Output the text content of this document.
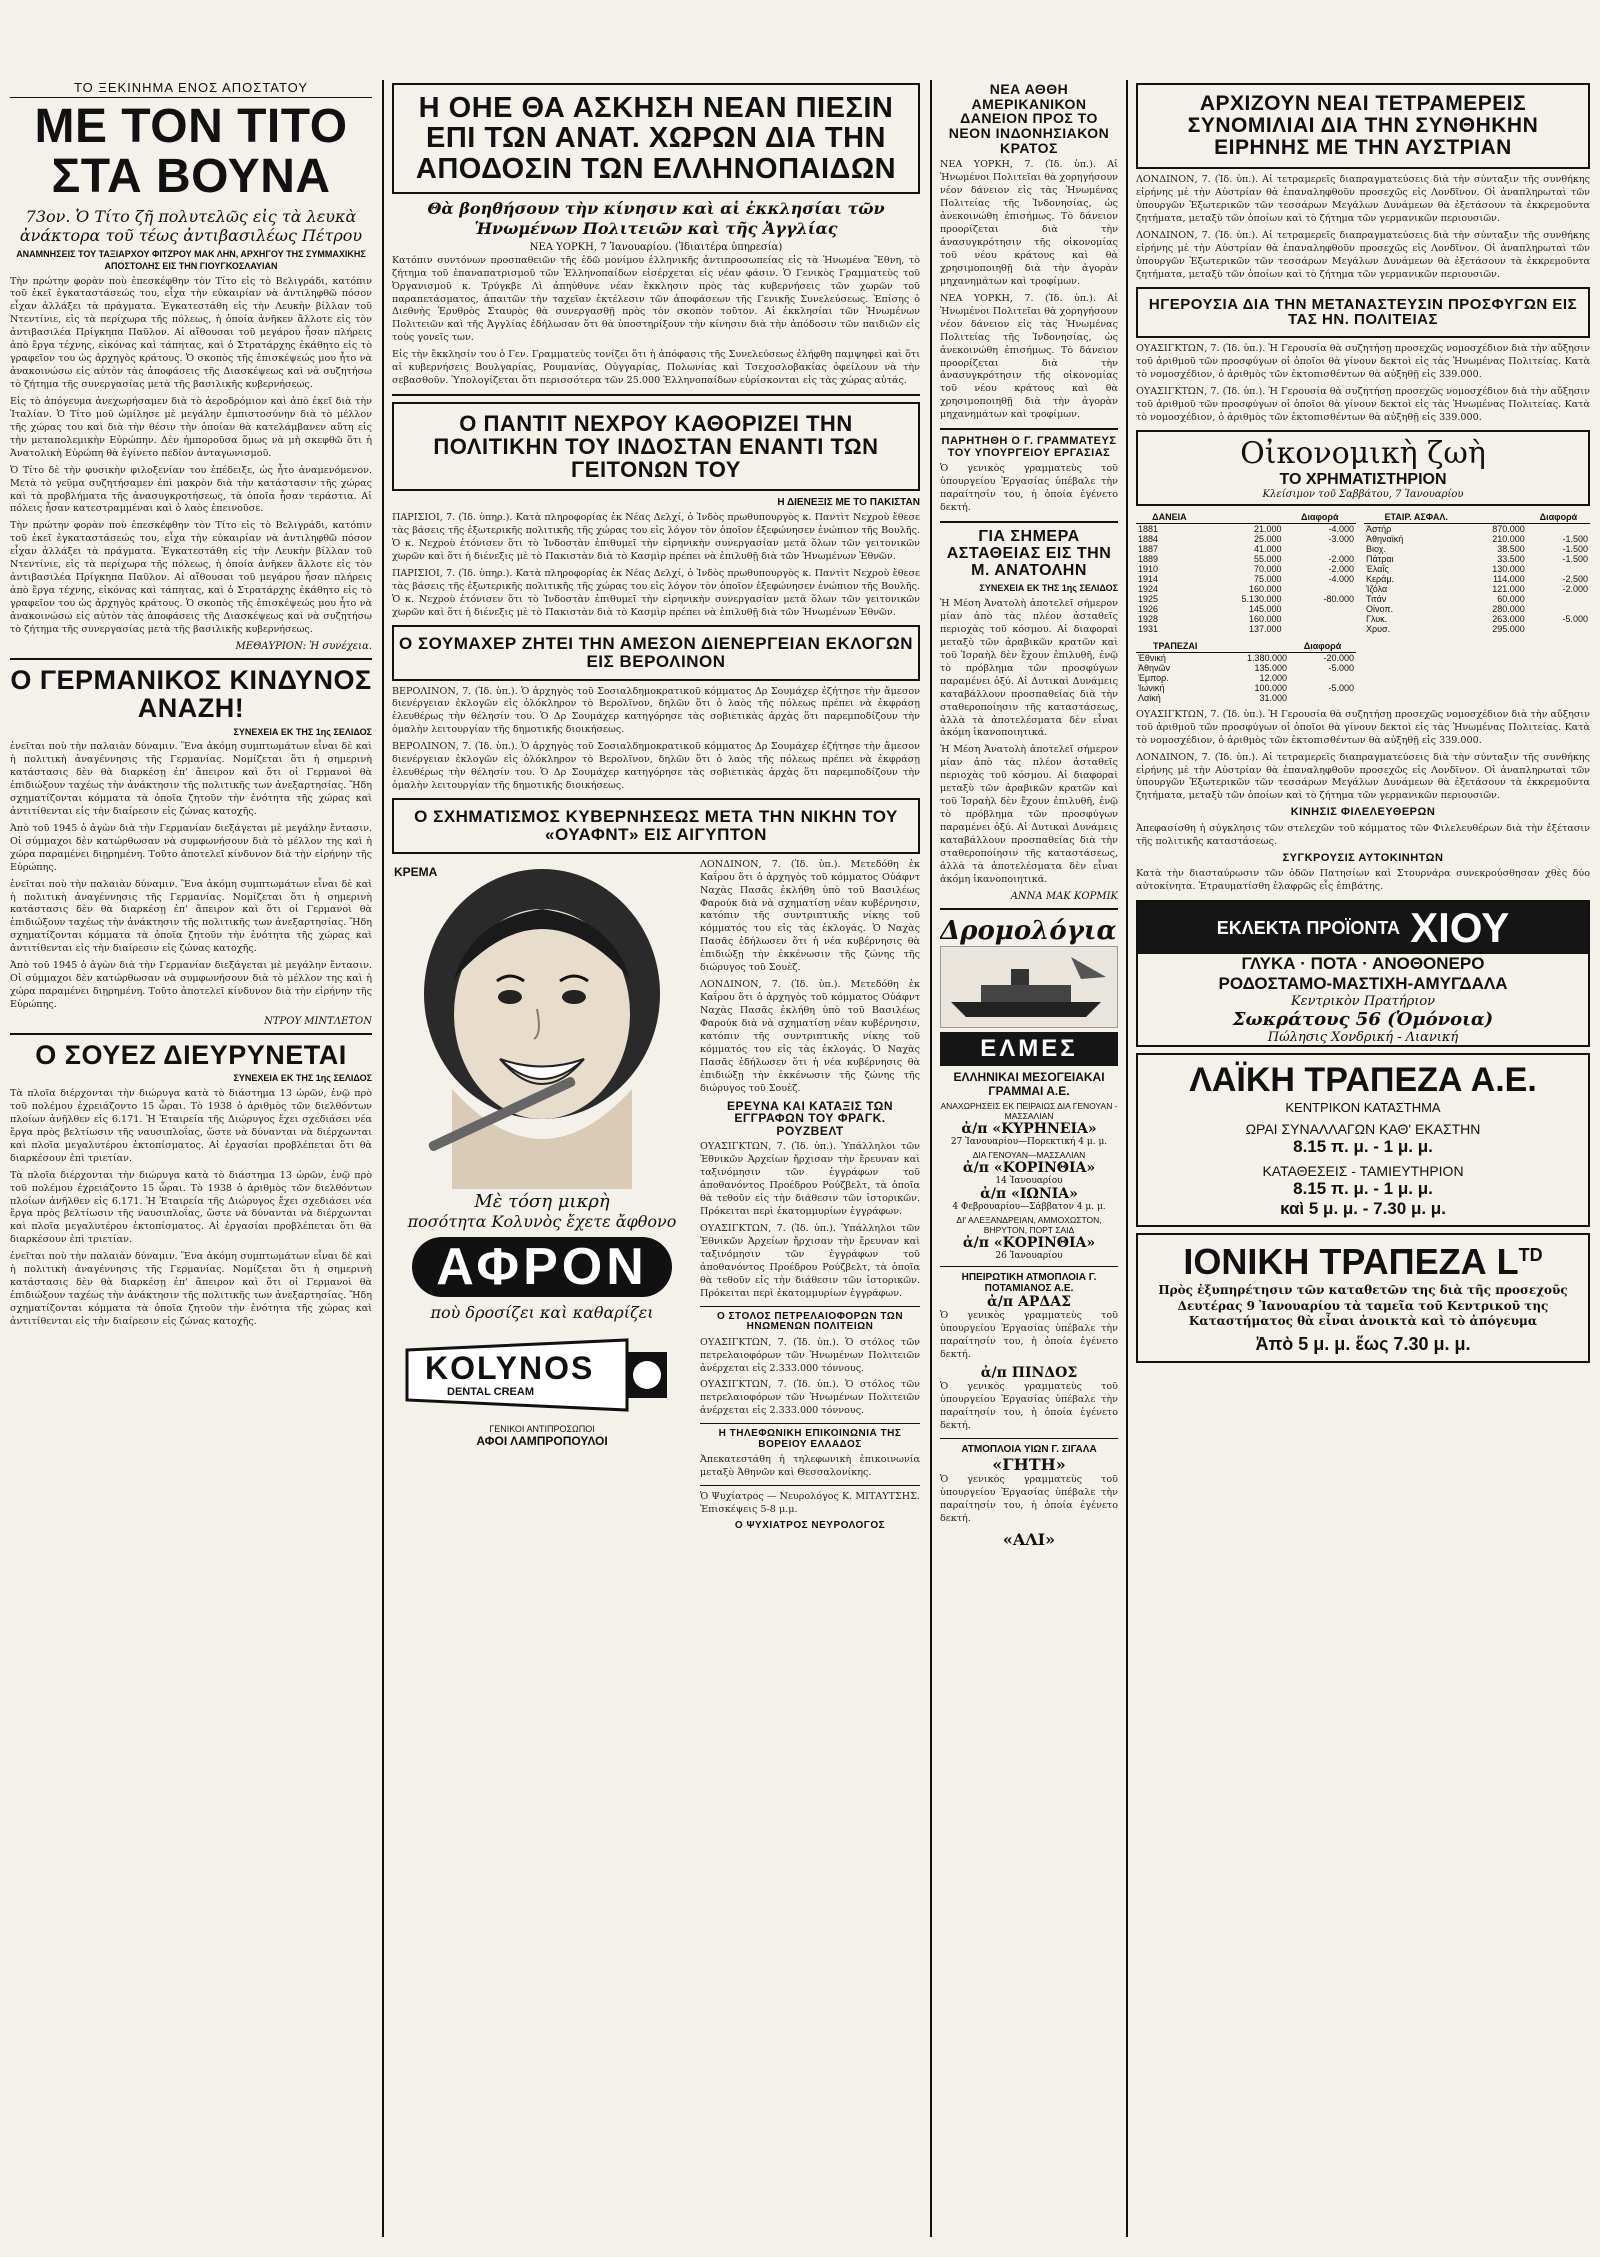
ΤΟ ΞΕΚΙΝΗΜΑ ΕΝΟΣ ΑΠΟΣΤΑΤΟΥ
ΜΕ ΤΟΝ ΤΙΤΟ ΣΤΑ ΒΟΥΝΑ
73ον. Ὁ Τίτο ζῆ πολυτελῶς εἰς τὰ λευκὰ ἀνάκτορα τοῦ τέως ἀντιβασιλέως Πέτρου
ΑΝΑΜΝΗΣΕΙΣ ΤΟΥ ΤΑΞΙΑΡΧΟΥ ΦΙΤΖΡΟΥ ΜΑΚ ΛΗΝ, ΑΡΧΗΓΟΥ ΤΗΣ ΣΥΜΜΑΧΙΚΗΣ ΑΠΟΣΤΟΛΗΣ ΕΙΣ ΤΗΝ ΓΙΟΥΓΚΟΣΛΑΥΙΑΝ

Τὴν πρώτην φορὰν ποὺ ἐπεσκέφθην τὸν Τίτο εἰς τὸ Βελιγράδι, κατόπιν τοῦ ἐκεῖ ἐγκαταστάσεώς του, εἶχα τὴν εὐκαιρίαν νὰ ἀντιληφθῶ πόσον εἶχαν ἀλλάξει τὰ πράγματα. Ἐγκατεστάθη εἰς τὴν Λευκὴν βίλλαν τοῦ Ντεντίνιε, εἰς τὰ περίχωρα τῆς πόλεως, ἡ ὁποία ἀνῆκεν ἄλλοτε εἰς τὸν ἀντιβασιλέα Πρίγκηπα Παῦλον. Αἱ αἴθουσαι τοῦ μεγάρου ἦσαν πλήρεις ἀπὸ ἔργα τέχνης, εἰκόνας καὶ τάπητας, καὶ ὁ Στρατάρχης ἐκάθητο εἰς τὸ γραφεῖον του ὡς ἀρχηγὸς κράτους. Ὁ σκοπὸς τῆς ἐπισκέψεώς μου ἦτο νὰ ἀνακοινώσω εἰς αὐτὸν τὰς ἀποφάσεις τῆς Διασκέψεως καὶ νὰ συζητήσω τὸ ζήτημα τῆς συνεργασίας μετὰ τῆς βασιλικῆς κυβερνήσεως.

Εἰς τὸ ἀπόγευμα ἀνεχωρήσαμεν διὰ τὸ ἀεροδρόμιον καὶ ἀπὸ ἐκεῖ διὰ τὴν Ἰταλίαν. Ὁ Τίτο μοῦ ὡμίλησε μὲ μεγάλην ἐμπιστοσύνην διὰ τὸ μέλλον τῆς χώρας του καὶ διὰ τὴν θέσιν τὴν ὁποίαν θὰ κατελάμβανεν αὕτη εἰς τὴν μεταπολεμικὴν Εὐρώπην. Δὲν ἠμποροῦσα ὅμως νὰ μὴ σκεφθῶ ὅτι ἡ Ἀνατολικὴ Εὐρώπη θὰ ἐγίνετο πεδίον ἀνταγωνισμοῦ.

Ὁ Τίτο δὲ τὴν φυσικὴν φιλοξενίαν του ἐπέδειξε, ὡς ἦτο ἀναμενόμενον. Μετὰ τὸ γεῦμα συζητήσαμεν ἐπὶ μακρὸν διὰ τὴν κατάστασιν τῆς χώρας καὶ τὰ προβλήματα τῆς ἀνασυγκροτήσεως, τὰ ὁποῖα ἦσαν τεράστια. Αἱ πόλεις ἦσαν κατεστραμμέναι καὶ ὁ λαὸς ἐπεινοῦσε.

Τὴν πρώτην φορὰν ποὺ ἐπεσκέφθην τὸν Τίτο εἰς τὸ Βελιγράδι, κατόπιν τοῦ ἐκεῖ ἐγκαταστάσεώς του, εἶχα τὴν εὐκαιρίαν νὰ ἀντιληφθῶ πόσον εἶχαν ἀλλάξει τὰ πράγματα. Ἐγκατεστάθη εἰς τὴν Λευκὴν βίλλαν τοῦ Ντεντίνιε, εἰς τὰ περίχωρα τῆς πόλεως, ἡ ὁποία ἀνῆκεν ἄλλοτε εἰς τὸν ἀντιβασιλέα Πρίγκηπα Παῦλον. Αἱ αἴθουσαι τοῦ μεγάρου ἦσαν πλήρεις ἀπὸ ἔργα τέχνης, εἰκόνας καὶ τάπητας, καὶ ὁ Στρατάρχης ἐκάθητο εἰς τὸ γραφεῖον του ὡς ἀρχηγὸς κράτους. Ὁ σκοπὸς τῆς ἐπισκέψεώς μου ἦτο νὰ ἀνακοινώσω εἰς αὐτὸν τὰς ἀποφάσεις τῆς Διασκέψεως καὶ νὰ συζητήσω τὸ ζήτημα τῆς συνεργασίας μετὰ τῆς βασιλικῆς κυβερνήσεως.

ΜΕΘΑΥΡΙΟΝ: Ἡ συνέχεια.
Ο ΓΕΡΜΑΝΙΚΟΣ ΚΙΝΔΥΝΟΣ ΑΝΑΖΗ!
ΣΥΝΕΧΕΙΑ ΕΚ ΤΗΣ 1ης ΣΕΛΙΔΟΣ

ἐνεῖται ποὺ τὴν παλαιὰν δύναμιν. Ἕνα ἀκόμη συμπτωμάτων εἶναι δὲ καὶ ἡ πολιτικὴ ἀναγέννησις τῆς Γερμανίας. Νομίζεται ὅτι ἡ σημερινὴ κατάστασις δὲν θὰ διαρκέσῃ ἐπ' ἄπειρον καὶ ὅτι οἱ Γερμανοὶ θὰ ἐπιδιώξουν ταχέως τὴν ἀνάκτησιν τῆς πολιτικῆς των ἀνεξαρτησίας. Ἤδη σχηματίζονται κόμματα τὰ ὁποῖα ζητοῦν τὴν ἑνότητα τῆς χώρας καὶ ἀντιτίθενται εἰς τὴν διαίρεσιν εἰς ζώνας κατοχῆς.

Ἀπὸ τοῦ 1945 ὁ ἀγὼν διὰ τὴν Γερμανίαν διεξάγεται μὲ μεγάλην ἔντασιν. Οἱ σύμμαχοι δὲν κατώρθωσαν νὰ συμφωνήσουν διὰ τὸ μέλλον της καὶ ἡ χώρα παραμένει διῃρημένη. Τοῦτο ἀποτελεῖ κίνδυνον διὰ τὴν εἰρήνην τῆς Εὐρώπης.

ἐνεῖται ποὺ τὴν παλαιὰν δύναμιν. Ἕνα ἀκόμη συμπτωμάτων εἶναι δὲ καὶ ἡ πολιτικὴ ἀναγέννησις τῆς Γερμανίας. Νομίζεται ὅτι ἡ σημερινὴ κατάστασις δὲν θὰ διαρκέσῃ ἐπ' ἄπειρον καὶ ὅτι οἱ Γερμανοὶ θὰ ἐπιδιώξουν ταχέως τὴν ἀνάκτησιν τῆς πολιτικῆς των ἀνεξαρτησίας. Ἤδη σχηματίζονται κόμματα τὰ ὁποῖα ζητοῦν τὴν ἑνότητα τῆς χώρας καὶ ἀντιτίθενται εἰς τὴν διαίρεσιν εἰς ζώνας κατοχῆς.

Ἀπὸ τοῦ 1945 ὁ ἀγὼν διὰ τὴν Γερμανίαν διεξάγεται μὲ μεγάλην ἔντασιν. Οἱ σύμμαχοι δὲν κατώρθωσαν νὰ συμφωνήσουν διὰ τὸ μέλλον της καὶ ἡ χώρα παραμένει διῃρημένη. Τοῦτο ἀποτελεῖ κίνδυνον διὰ τὴν εἰρήνην τῆς Εὐρώπης.

ΝΤΡΟΥ ΜΙΝΤΛΕΤΟΝ
Ο ΣΟΥΕΖ ΔΙΕΥΡΥΝΕΤΑΙ
ΣΥΝΕΧΕΙΑ ΕΚ ΤΗΣ 1ης ΣΕΛΙΔΟΣ

Τὰ πλοῖα διέρχονται τὴν διώρυγα κατὰ τὸ διάστημα 13 ὡρῶν, ἐνῷ πρὸ τοῦ πολέμου ἐχρειάζοντο 15 ὧραι. Τὸ 1938 ὁ ἀριθμὸς τῶν διελθόντων πλοίων ἀνῆλθεν εἰς 6.171. Ἡ Ἑταιρεία τῆς Διώρυγος ἔχει σχεδιάσει νέα ἔργα πρὸς βελτίωσιν τῆς ναυσιπλοΐας, ὥστε νὰ δύνανται νὰ διέρχωνται καὶ πλοῖα μεγαλυτέρου ἐκτοπίσματος. Αἱ ἐργασίαι προβλέπεται ὅτι θὰ διαρκέσουν ἐπὶ τριετίαν.

Τὰ πλοῖα διέρχονται τὴν διώρυγα κατὰ τὸ διάστημα 13 ὡρῶν, ἐνῷ πρὸ τοῦ πολέμου ἐχρειάζοντο 15 ὧραι. Τὸ 1938 ὁ ἀριθμὸς τῶν διελθόντων πλοίων ἀνῆλθεν εἰς 6.171. Ἡ Ἑταιρεία τῆς Διώρυγος ἔχει σχεδιάσει νέα ἔργα πρὸς βελτίωσιν τῆς ναυσιπλοΐας, ὥστε νὰ δύνανται νὰ διέρχωνται καὶ πλοῖα μεγαλυτέρου ἐκτοπίσματος. Αἱ ἐργασίαι προβλέπεται ὅτι θὰ διαρκέσουν ἐπὶ τριετίαν.

ἐνεῖται ποὺ τὴν παλαιὰν δύναμιν. Ἕνα ἀκόμη συμπτωμάτων εἶναι δὲ καὶ ἡ πολιτικὴ ἀναγέννησις τῆς Γερμανίας. Νομίζεται ὅτι ἡ σημερινὴ κατάστασις δὲν θὰ διαρκέσῃ ἐπ' ἄπειρον καὶ ὅτι οἱ Γερμανοὶ θὰ ἐπιδιώξουν ταχέως τὴν ἀνάκτησιν τῆς πολιτικῆς των ἀνεξαρτησίας. Ἤδη σχηματίζονται κόμματα τὰ ὁποῖα ζητοῦν τὴν ἑνότητα τῆς χώρας καὶ ἀντιτίθενται εἰς τὴν διαίρεσιν εἰς ζώνας κατοχῆς.

Η ΟΗΕ ΘΑ ΑΣΚΗΣΗ ΝΕΑΝ ΠΙΕΣΙΝ ΕΠΙ ΤΩΝ ΑΝΑΤ. ΧΩΡΩΝ ΔΙΑ ΤΗΝ ΑΠΟΔΟΣΙΝ ΤΩΝ ΕΛΛΗΝΟΠΑΙΔΩΝ
Θὰ βοηθήσουν τὴν κίνησιν καὶ αἱ ἐκκλησίαι τῶν Ἡνωμένων Πολιτειῶν καὶ τῆς Ἀγγλίας
ΝΕΑ ΥΟΡΚΗ, 7 Ἰανουαρίου. (Ἰδιαιτέρα ὑπηρεσία)

Κατόπιν συντόνων προσπαθειῶν τῆς ἑδῶ μονίμου ἑλληνικῆς ἀντιπροσωπείας εἰς τὰ Ἡνωμένα Ἔθνη, τὸ ζήτημα τοῦ ἐπαναπατρισμοῦ τῶν Ἑλληνοπαίδων εἰσέρχεται εἰς νέαν φάσιν. Ὁ Γενικὸς Γραμματεὺς τοῦ Ὀργανισμοῦ κ. Τρύγκβε Λὶ ἀπηύθυνε νέαν ἔκκλησιν πρὸς τὰς κυβερνήσεις τῶν χωρῶν τοῦ παραπετάσματος, ἀπαιτῶν τὴν ταχεῖαν ἐκτέλεσιν τῶν ἀποφάσεων τῆς Γενικῆς Συνελεύσεως. Ἐπίσης ὁ Διεθνὴς Ἐρυθρὸς Σταυρὸς θὰ συνεργασθῇ πρὸς τὸν σκοπὸν τοῦτον. Αἱ ἐκκλησίαι τῶν Ἡνωμένων Πολιτειῶν καὶ τῆς Ἀγγλίας ἐδήλωσαν ὅτι θὰ ὑποστηρίξουν τὴν κίνησιν διὰ τὴν ἀπόδοσιν τῶν παιδιῶν εἰς τοὺς γονεῖς των.

Εἰς τὴν ἔκκλησίν του ὁ Γεν. Γραμματεὺς τονίζει ὅτι ἡ ἀπόφασις τῆς Συνελεύσεως ἐλήφθη παμψηφεὶ καὶ ὅτι αἱ κυβερνήσεις Βουλγαρίας, Ρουμανίας, Οὑγγαρίας, Πολωνίας καὶ Τσεχοσλοβακίας ὀφείλουν νὰ τὴν σεβασθοῦν. Ὑπολογίζεται ὅτι περισσότερα τῶν 25.000 Ἑλληνοπαίδων εὑρίσκονται εἰς τὰς χώρας αὐτάς.

Ο ΠΑΝΤΙΤ ΝΕΧΡΟΥ ΚΑΘΟΡΙΖΕΙ ΤΗΝ ΠΟΛΙΤΙΚΗΝ ΤΟΥ ΙΝΔΟΣΤΑΝ ΕΝΑΝΤΙ ΤΩΝ ΓΕΙΤΟΝΩΝ ΤΟΥ
Η ΔΙΕΝΕΞΙΣ ΜΕ ΤΟ ΠΑΚΙΣΤΑΝ

ΠΑΡΙΣΙΟΙ, 7. (Ἰδ. ὑπηρ.). Κατὰ πληροφορίας ἐκ Νέας Δελχί, ὁ Ἰνδὸς πρωθυπουργὸς κ. Παντὶτ Νεχροὺ ἔθεσε τὰς βάσεις τῆς ἐξωτερικῆς πολιτικῆς τῆς χώρας του εἰς λόγον τὸν ὁποῖον ἐξεφώνησεν ἐνώπιον τῆς Βουλῆς. Ὁ κ. Νεχροὺ ἐτόνισεν ὅτι τὸ Ἰνδοστὰν ἐπιθυμεῖ τὴν εἰρηνικὴν συνεργασίαν μετὰ ὅλων τῶν γειτονικῶν χωρῶν καὶ ὅτι ἡ διένεξις μὲ τὸ Πακιστὰν διὰ τὸ Κασμὶρ πρέπει νὰ ἐπιλυθῇ διὰ τῶν Ἡνωμένων Ἐθνῶν.

ΠΑΡΙΣΙΟΙ, 7. (Ἰδ. ὑπηρ.). Κατὰ πληροφορίας ἐκ Νέας Δελχί, ὁ Ἰνδὸς πρωθυπουργὸς κ. Παντὶτ Νεχροὺ ἔθεσε τὰς βάσεις τῆς ἐξωτερικῆς πολιτικῆς τῆς χώρας του εἰς λόγον τὸν ὁποῖον ἐξεφώνησεν ἐνώπιον τῆς Βουλῆς. Ὁ κ. Νεχροὺ ἐτόνισεν ὅτι τὸ Ἰνδοστὰν ἐπιθυμεῖ τὴν εἰρηνικὴν συνεργασίαν μετὰ ὅλων τῶν γειτονικῶν χωρῶν καὶ ὅτι ἡ διένεξις μὲ τὸ Πακιστὰν διὰ τὸ Κασμὶρ πρέπει νὰ ἐπιλυθῇ διὰ τῶν Ἡνωμένων Ἐθνῶν.

Ο ΣΟΥΜΑΧΕΡ ΖΗΤΕΙ ΤΗΝ ΑΜΕΣΟΝ ΔΙΕΝΕΡΓΕΙΑΝ ΕΚΛΟΓΩΝ ΕΙΣ ΒΕΡΟΛΙΝΟΝ

ΒΕΡΟΛΙΝΟΝ, 7. (Ἰδ. ὑπ.). Ὁ ἀρχηγὸς τοῦ Σοσιαλδημοκρατικοῦ κόμματος Δρ Σουμάχερ ἐζήτησε τὴν ἄμεσον διενέργειαν ἐκλογῶν εἰς ὁλόκληρον τὸ Βερολῖνον, δηλῶν ὅτι ὁ λαὸς τῆς πόλεως πρέπει νὰ ἐκφράσῃ ἐλευθέρως τὴν θέλησίν του. Ὁ Δρ Σουμάχερ κατηγόρησε τὰς σοβιετικὰς ἀρχὰς ὅτι παρεμποδίζουν τὴν ὁμαλὴν λειτουργίαν τῆς δημοτικῆς διοικήσεως.

ΒΕΡΟΛΙΝΟΝ, 7. (Ἰδ. ὑπ.). Ὁ ἀρχηγὸς τοῦ Σοσιαλδημοκρατικοῦ κόμματος Δρ Σουμάχερ ἐζήτησε τὴν ἄμεσον διενέργειαν ἐκλογῶν εἰς ὁλόκληρον τὸ Βερολῖνον, δηλῶν ὅτι ὁ λαὸς τῆς πόλεως πρέπει νὰ ἐκφράσῃ ἐλευθέρως τὴν θέλησίν του. Ὁ Δρ Σουμάχερ κατηγόρησε τὰς σοβιετικὰς ἀρχὰς ὅτι παρεμποδίζουν τὴν ὁμαλὴν λειτουργίαν τῆς δημοτικῆς διοικήσεως.

Ο ΣΧΗΜΑΤΙΣΜΟΣ ΚΥΒΕΡΝΗΣΕΩΣ ΜΕΤΑ ΤΗΝ ΝΙΚΗΝ ΤΟΥ «ΟΥΑΦΝΤ» ΕΙΣ ΑΙΓΥΠΤΟΝ
ΚΡΕΜΑ
Μὲ τόση μικρὴ
ποσότητα Κολυνὸς ἔχετε ἄφθονο
ΑΦΡΟΝ
ποὺ δροσίζει καὶ καθαρίζει
KOLYNOS
DENTAL CREAM
ΓΕΝΙΚΟΙ ΑΝΤΙΠΡΟΣΩΠΟΙ
ΑΦΟΙ ΛΑΜΠΡΟΠΟΥΛΟΙ

ΛΟΝΔΙΝΟΝ, 7. (Ἰδ. ὑπ.). Μετεδόθη ἐκ Καΐρου ὅτι ὁ ἀρχηγὸς τοῦ κόμματος Οὐάφντ Ναχὰς Πασᾶς ἐκλήθη ὑπὸ τοῦ Βασιλέως Φαρούκ διὰ νὰ σχηματίσῃ νέαν κυβέρνησιν, κατόπιν τῆς συντριπτικῆς νίκης τοῦ κόμματός του εἰς τὰς ἐκλογάς. Ὁ Ναχὰς Πασᾶς ἐδήλωσεν ὅτι ἡ νέα κυβέρνησις θὰ ἐπιδιώξῃ τὴν ἐκκένωσιν τῆς ζώνης τῆς διώρυγος τοῦ Σουὲζ.

ΛΟΝΔΙΝΟΝ, 7. (Ἰδ. ὑπ.). Μετεδόθη ἐκ Καΐρου ὅτι ὁ ἀρχηγὸς τοῦ κόμματος Οὐάφντ Ναχὰς Πασᾶς ἐκλήθη ὑπὸ τοῦ Βασιλέως Φαρούκ διὰ νὰ σχηματίσῃ νέαν κυβέρνησιν, κατόπιν τῆς συντριπτικῆς νίκης τοῦ κόμματός του εἰς τὰς ἐκλογάς. Ὁ Ναχὰς Πασᾶς ἐδήλωσεν ὅτι ἡ νέα κυβέρνησις θὰ ἐπιδιώξῃ τὴν ἐκκένωσιν τῆς ζώνης τῆς διώρυγος τοῦ Σουὲζ.

ΕΡΕΥΝΑ ΚΑΙ ΚΑΤΑΞΙΣ ΤΩΝ ΕΓΓΡΑΦΩΝ ΤΟΥ ΦΡΑΓΚ. ΡΟΥΖΒΕΛΤ

ΟΥΑΣΙΓΚΤΩΝ, 7. (Ἰδ. ὑπ.). Ὑπάλληλοι τῶν Ἐθνικῶν Ἀρχείων ἤρχισαν τὴν ἔρευναν καὶ ταξινόμησιν τῶν ἐγγράφων τοῦ ἀποθανόντος Προέδρου Ρούζβελτ, τὰ ὁποῖα θὰ τεθοῦν εἰς τὴν διάθεσιν τῶν ἱστορικῶν. Πρόκειται περὶ ἑκατομμυρίων ἐγγράφων.

ΟΥΑΣΙΓΚΤΩΝ, 7. (Ἰδ. ὑπ.). Ὑπάλληλοι τῶν Ἐθνικῶν Ἀρχείων ἤρχισαν τὴν ἔρευναν καὶ ταξινόμησιν τῶν ἐγγράφων τοῦ ἀποθανόντος Προέδρου Ρούζβελτ, τὰ ὁποῖα θὰ τεθοῦν εἰς τὴν διάθεσιν τῶν ἱστορικῶν. Πρόκειται περὶ ἑκατομμυρίων ἐγγράφων.

Ο ΣΤΟΛΟΣ ΠΕΤΡΕΛΑΙΟΦΟΡΩΝ ΤΩΝ ΗΝΩΜΕΝΩΝ ΠΟΛΙΤΕΙΩΝ

ΟΥΑΣΙΓΚΤΩΝ, 7. (Ἰδ. ὑπ.). Ὁ στόλος τῶν πετρελαιοφόρων τῶν Ἡνωμένων Πολιτειῶν ἀνέρχεται εἰς 2.333.000 τόννους.

ΟΥΑΣΙΓΚΤΩΝ, 7. (Ἰδ. ὑπ.). Ὁ στόλος τῶν πετρελαιοφόρων τῶν Ἡνωμένων Πολιτειῶν ἀνέρχεται εἰς 2.333.000 τόννους.

Η ΤΗΛΕΦΩΝΙΚΗ ΕΠΙΚΟΙΝΩΝΙΑ ΤΗΣ ΒΟΡΕΙΟΥ ΕΛΛΑΔΟΣ

Ἀπεκατεστάθη ἡ τηλεφωνικὴ ἐπικοινωνία μεταξὺ Ἀθηνῶν καὶ Θεσσαλονίκης.

Ὁ Ψυχίατρος — Νευρολόγος Κ. ΜΙΤΑΥΤΣΗΣ. Ἐπισκέψεις 5-8 μ.μ.

Ο ΨΥΧΙΑΤΡΟΣ ΝΕΥΡΟΛΟΓΟΣ
ΝΕΑ ΑΘΘΗ ΑΜΕΡΙΚΑΝΙΚΟΝ ΔΑΝΕΙΟΝ ΠΡΟΣ ΤΟ ΝΕΟΝ ΙΝΔΟΝΗΣΙΑΚΟΝ ΚΡΑΤΟΣ

ΝΕΑ ΥΟΡΚΗ, 7. (Ἰδ. ὑπ.). Αἱ Ἡνωμένοι Πολιτεῖαι θὰ χορηγήσουν νέον δάνειον εἰς τὰς Ἡνωμένας Πολιτείας τῆς Ἰνδονησίας, ὡς ἀνεκοινώθη ἐπισήμως. Τὸ δάνειον προορίζεται διὰ τὴν ἀνασυγκρότησιν τῆς οἰκονομίας τοῦ νέου κράτους καὶ θὰ χρησιμοποιηθῇ διὰ τὴν ἀγορὰν μηχανημάτων καὶ τροφίμων.

ΝΕΑ ΥΟΡΚΗ, 7. (Ἰδ. ὑπ.). Αἱ Ἡνωμένοι Πολιτεῖαι θὰ χορηγήσουν νέον δάνειον εἰς τὰς Ἡνωμένας Πολιτείας τῆς Ἰνδονησίας, ὡς ἀνεκοινώθη ἐπισήμως. Τὸ δάνειον προορίζεται διὰ τὴν ἀνασυγκρότησιν τῆς οἰκονομίας τοῦ νέου κράτους καὶ θὰ χρησιμοποιηθῇ διὰ τὴν ἀγορὰν μηχανημάτων καὶ τροφίμων.

ΠΑΡΗΤΗΘΗ Ο Γ. ΓΡΑΜΜΑΤΕΥΣ ΤΟΥ ΥΠΟΥΡΓΕΙΟΥ ΕΡΓΑΣΙΑΣ

Ὁ γενικὸς γραμματεὺς τοῦ ὑπουργείου Ἐργασίας ὑπέβαλε τὴν παραίτησίν του, ἡ ὁποία ἐγένετο δεκτή.

ΓΙΑ ΣΗΜΕΡΑ ΑΣΤΑΘΕΙΑΣ ΕΙΣ ΤΗΝ Μ. ΑΝΑΤΟΛΗΝ
ΣΥΝΕΧΕΙΑ ΕΚ ΤΗΣ 1ης ΣΕΛΙΔΟΣ

Ἡ Μέση Ἀνατολὴ ἀποτελεῖ σήμερον μίαν ἀπὸ τὰς πλέον ἀσταθεῖς περιοχὰς τοῦ κόσμου. Αἱ διαφοραὶ μεταξὺ τῶν ἀραβικῶν κρατῶν καὶ τοῦ Ἰσραὴλ δὲν ἔχουν ἐπιλυθῆ, ἐνῷ τὸ πρόβλημα τῶν προσφύγων παραμένει ὀξύ. Αἱ Δυτικαὶ Δυνάμεις καταβάλλουν προσπαθείας διὰ τὴν σταθεροποίησιν τῆς καταστάσεως, ἀλλὰ τὰ ἀποτελέσματα δὲν εἶναι ἀκόμη ἱκανοποιητικά.

Ἡ Μέση Ἀνατολὴ ἀποτελεῖ σήμερον μίαν ἀπὸ τὰς πλέον ἀσταθεῖς περιοχὰς τοῦ κόσμου. Αἱ διαφοραὶ μεταξὺ τῶν ἀραβικῶν κρατῶν καὶ τοῦ Ἰσραὴλ δὲν ἔχουν ἐπιλυθῆ, ἐνῷ τὸ πρόβλημα τῶν προσφύγων παραμένει ὀξύ. Αἱ Δυτικαὶ Δυνάμεις καταβάλλουν προσπαθείας διὰ τὴν σταθεροποίησιν τῆς καταστάσεως, ἀλλὰ τὰ ἀποτελέσματα δὲν εἶναι ἀκόμη ἱκανοποιητικά.

ΑΝΝΑ ΜΑΚ ΚΟΡΜΙΚ
Δρομολόγια
ΕΛΜΕΣ
ΕΛΛΗΝΙΚΑΙ ΜΕΣΟΓΕΙΑΚΑΙ ΓΡΑΜΜΑΙ Α.Ε.
ΑΝΑΧΩΡΗΣΕΙΣ ΕΚ ΠΕΙΡΑΙΩΣ ΔΙΑ ΓΕΝΟΥΑΝ - ΜΑΣΣΑΛΙΑΝ
ἀ/π «ΚΥΡΗΝΕΙΑ»
27 Ἰανουαρίου—Πορεκτική 4 μ. μ.
ΔΙΑ ΓΕΝΟΥΑΝ—ΜΑΣΣΑΛΙΑΝ
ἀ/π «ΚΟΡΙΝΘΙΑ»
14 Ἰανουαρίου
ἀ/π «ΙΩΝΙΑ»
4 Φεβρουαρίου—Σάββατον 4 μ. μ.
ΔΙ' ΑΛΕΞΑΝΔΡΕΙΑΝ, ΑΜΜΟΧΩΣΤΟΝ, ΒΗΡΥΤΟΝ, ΠΟΡΤ ΣΑΙΔ
ἀ/π «ΚΟΡΙΝΘΙΑ»
26 Ἰανουαρίου
ΗΠΕΙΡΩΤΙΚΗ ΑΤΜΟΠΛΟΙΑ Γ. ΠΟΤΑΜΙΑΝΟΣ Α.Ε.
ἀ/π ΑΡΔΑΣ

Ὁ γενικὸς γραμματεὺς τοῦ ὑπουργείου Ἐργασίας ὑπέβαλε τὴν παραίτησίν του, ἡ ὁποία ἐγένετο δεκτή.

ἀ/π ΠΙΝΔΟΣ

Ὁ γενικὸς γραμματεὺς τοῦ ὑπουργείου Ἐργασίας ὑπέβαλε τὴν παραίτησίν του, ἡ ὁποία ἐγένετο δεκτή.

ΑΤΜΟΠΛΟΙΑ ΥΙΩΝ Γ. ΣΙΓΑΛΑ
«ΓΗΤΗ»

Ὁ γενικὸς γραμματεὺς τοῦ ὑπουργείου Ἐργασίας ὑπέβαλε τὴν παραίτησίν του, ἡ ὁποία ἐγένετο δεκτή.

«ΑΛΙ»
ΑΡΧΙΖΟΥΝ ΝΕΑΙ ΤΕΤΡΑΜΕΡΕΙΣ ΣΥΝΟΜΙΛΙΑΙ ΔΙΑ ΤΗΝ ΣΥΝΘΗΚΗΝ ΕΙΡΗΝΗΣ ΜΕ ΤΗΝ ΑΥΣΤΡΙΑΝ

ΛΟΝΔΙΝΟΝ, 7. (Ἰδ. ὑπ.). Αἱ τετραμερεῖς διαπραγματεύσεις διὰ τὴν σύνταξιν τῆς συνθήκης εἰρήνης μὲ τὴν Αὐστρίαν θὰ ἐπαναληφθοῦν προσεχῶς εἰς Λονδῖνον. Οἱ ἀναπληρωταὶ τῶν ὑπουργῶν Ἐξωτερικῶν τῶν τεσσάρων Μεγάλων Δυνάμεων θὰ ἐξετάσουν τὰ ἐκκρεμοῦντα ζητήματα, μεταξὺ τῶν ὁποίων καὶ τὸ ζήτημα τῶν γερμανικῶν περιουσιῶν.

ΛΟΝΔΙΝΟΝ, 7. (Ἰδ. ὑπ.). Αἱ τετραμερεῖς διαπραγματεύσεις διὰ τὴν σύνταξιν τῆς συνθήκης εἰρήνης μὲ τὴν Αὐστρίαν θὰ ἐπαναληφθοῦν προσεχῶς εἰς Λονδῖνον. Οἱ ἀναπληρωταὶ τῶν ὑπουργῶν Ἐξωτερικῶν τῶν τεσσάρων Μεγάλων Δυνάμεων θὰ ἐξετάσουν τὰ ἐκκρεμοῦντα ζητήματα, μεταξὺ τῶν ὁποίων καὶ τὸ ζήτημα τῶν γερμανικῶν περιουσιῶν.

ΗΓΕΡΟΥΣΙΑ ΔΙΑ ΤΗΝ ΜΕΤΑΝΑΣΤΕΥΣΙΝ ΠΡΟΣΦΥΓΩΝ ΕΙΣ ΤΑΣ ΗΝ. ΠΟΛΙΤΕΙΑΣ

ΟΥΑΣΙΓΚΤΩΝ, 7. (Ἰδ. ὑπ.). Ἡ Γερουσία θὰ συζητήσῃ προσεχῶς νομοσχέδιον διὰ τὴν αὔξησιν τοῦ ἀριθμοῦ τῶν προσφύγων οἱ ὁποῖοι θὰ γίνουν δεκτοὶ εἰς τὰς Ἡνωμένας Πολιτείας. Κατὰ τὸ νομοσχέδιον, ὁ ἀριθμὸς τῶν ἐκτοπισθέντων θὰ αὐξηθῇ εἰς 339.000.

ΟΥΑΣΙΓΚΤΩΝ, 7. (Ἰδ. ὑπ.). Ἡ Γερουσία θὰ συζητήσῃ προσεχῶς νομοσχέδιον διὰ τὴν αὔξησιν τοῦ ἀριθμοῦ τῶν προσφύγων οἱ ὁποῖοι θὰ γίνουν δεκτοὶ εἰς τὰς Ἡνωμένας Πολιτείας. Κατὰ τὸ νομοσχέδιον, ὁ ἀριθμὸς τῶν ἐκτοπισθέντων θὰ αὐξηθῇ εἰς 339.000.

Οἰκονομικὴ ζωὴ
ΤΟ ΧΡΗΜΑΤΙΣΤΗΡΙΟΝ
Κλείσιμον τοῦ Σαββάτου, 7 Ἰανουαρίου
ΔΑΝΕΙΑ		Διαφορά
1881	21.000	-4.000
1884	25.000	-3.000
1887	41.000	
1889	55.000	-2.000
1910	70.000	-2.000
1914	75.000	-4.000
1924	160.000	
1925	5.130.000	-80.000
1926	145.000	
1928	160.000	
1931	137.000	
ΤΡΑΠΕΖΑΙ		Διαφορά
Ἐθνική	1.380.000	-20.000
Ἀθηνῶν	135.000	-5.000
Ἐμπορ.	12.000	
Ἰωνική	100.000	-5.000
Λαϊκή	31.000	
ΕΤΑΙΡ. ΑΣΦΑΛ.		Διαφορά
Ἀστήρ	870.000	
Ἀθηναϊκή	210.000	-1.500
Βιοχ.	38.500	-1.500
Πάτραι	33.500	-1.500
Ἐλαΐς	130.000	
Κεράμ.	114.000	-2.500
Ἰζόλα	121.000	-2.000
Τιτάν	60.000	
Οἰνοπ.	280.000	
Γλυκ.	263.000	-5.000
Χρυσ.	295.000	

ΟΥΑΣΙΓΚΤΩΝ, 7. (Ἰδ. ὑπ.). Ἡ Γερουσία θὰ συζητήσῃ προσεχῶς νομοσχέδιον διὰ τὴν αὔξησιν τοῦ ἀριθμοῦ τῶν προσφύγων οἱ ὁποῖοι θὰ γίνουν δεκτοὶ εἰς τὰς Ἡνωμένας Πολιτείας. Κατὰ τὸ νομοσχέδιον, ὁ ἀριθμὸς τῶν ἐκτοπισθέντων θὰ αὐξηθῇ εἰς 339.000.

ΛΟΝΔΙΝΟΝ, 7. (Ἰδ. ὑπ.). Αἱ τετραμερεῖς διαπραγματεύσεις διὰ τὴν σύνταξιν τῆς συνθήκης εἰρήνης μὲ τὴν Αὐστρίαν θὰ ἐπαναληφθοῦν προσεχῶς εἰς Λονδῖνον. Οἱ ἀναπληρωταὶ τῶν ὑπουργῶν Ἐξωτερικῶν τῶν τεσσάρων Μεγάλων Δυνάμεων θὰ ἐξετάσουν τὰ ἐκκρεμοῦντα ζητήματα, μεταξὺ τῶν ὁποίων καὶ τὸ ζήτημα τῶν γερμανικῶν περιουσιῶν.

ΚΙΝΗΣΙΣ ΦΙΛΕΛΕΥΘΕΡΩΝ

Ἀπεφασίσθη ἡ σύγκλησις τῶν στελεχῶν τοῦ κόμματος τῶν Φιλελευθέρων διὰ τὴν ἐξέτασιν τῆς πολιτικῆς καταστάσεως.

ΣΥΓΚΡΟΥΣΙΣ ΑΥΤΟΚΙΝΗΤΩΝ

Κατὰ τὴν διασταύρωσιν τῶν ὁδῶν Πατησίων καὶ Στουρνάρα συνεκρούσθησαν χθὲς δύο αὐτοκίνητα. Ἐτραυματίσθη ἐλαφρῶς εἷς ἐπιβάτης.

ΕΚΛΕΚΤΑ ΠΡΟΪΟΝΤΑ ΧΙΟΥ
ΓΛΥΚΑ · ΠΟΤΑ · ΑΝΟΘΟΝΕΡΟ
ΡΟΔΟΣΤΑΜΟ-ΜΑΣΤΙΧΗ-ΑΜΥΓΔΑΛΑ
Κεντρικὸν Πρατήριον
Σωκράτους 56 (Ὁμόνοια)
Πώλησις Χονδρική - Λιανική
ΛΑΪΚΗ ΤΡΑΠΕΖΑ Α.Ε.
ΚΕΝΤΡΙΚΟΝ ΚΑΤΑΣΤΗΜΑ
ΩΡΑΙ ΣΥΝΑΛΛΑΓΩΝ ΚΑΘ' ΕΚΑΣΤΗΝ
8.15 π. μ. - 1 μ. μ.
ΚΑΤΑΘΕΣΕΙΣ - ΤΑΜΙΕΥΤΗΡΙΟΝ
8.15 π. μ. - 1 μ. μ.
καὶ 5 μ. μ. - 7.30 μ. μ.
ΙΟΝΙΚΗ ΤΡΑΠΕΖΑ $L^{TD}$
Πρὸς ἐξυπηρέτησιν τῶν καταθετῶν της διὰ τῆς προσεχοῦς Δευτέρας 9 Ἰανουαρίου τὰ ταμεῖα τοῦ Κεντρικοῦ της Καταστήματος θὰ εἶναι ἀνοικτὰ καὶ τὸ ἀπόγευμα
Ἀπὸ 5 μ. μ. ἕως 7.30 μ. μ.
